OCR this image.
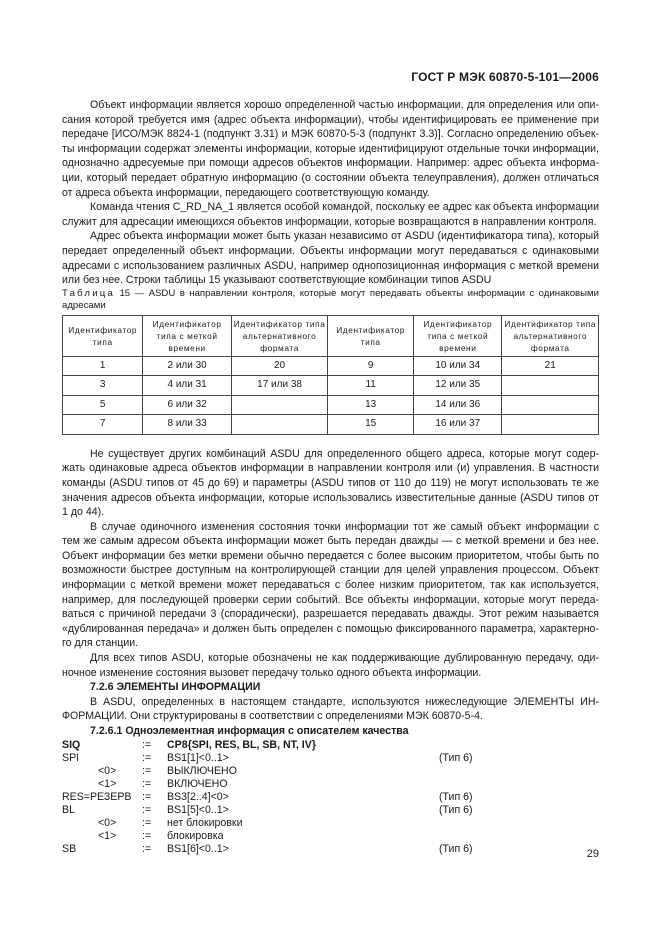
ГОСТ Р МЭК 60870-5-101—2006

Объект информации является хорошо определенной частью информации, для определения или описания которой требуется имя (адрес объекта информации), чтобы идентифицировать ее применение при передаче [ИСО/МЭК 8824-1 (подпункт 3.31) и МЭК 60870-5-3 (подпункт 3.3)]. Согласно определению объекты информации содержат элементы информации, которые идентифицируют отдельные точки информации, однозначно адресуемые при помощи адресов объектов информации. Например: адрес объекта информации, который передает обратную информацию (о состоянии объекта телеуправления), должен отличаться от адреса объекта информации, передающего соответствующую команду.

Команда чтения C_RD_NA_1 является особой командой, поскольку ее адрес как объекта информации служит для адресации имеющихся объектов информации, которые возвращаются в направлении контроля.

Адрес объекта информации может быть указан независимо от ASDU (идентификатора типа), который передает определенный объект информации. Объекты информации могут передаваться с одинаковыми адресами с использованием различных ASDU, например однопозиционная информация с меткой времени или без нее. Строки таблицы 15 указывают соответствующие комбинации типов ASDU

Таблица 15 — ASDU в направлении контроля, которые могут передавать объекты информации с одинаковыми адресами

Идентификатор типа	Идентификатор типа с меткой времени	Идентификатор типа альтернативного формата	Идентификатор типа	Идентификатор типа с меткой времени	Идентификатор типа альтернативного формата
1	2 или 30	20	9	10 или 34	21
3	4 или 31	17 или 38	11	12 или 35	
5	6 или 32		13	14 или 36	
7	8 или 33		15	16 или 37	

Не существует других комбинаций ASDU для определенного общего адреса, которые могут содержать одинаковые адреса объектов информации в направлении контроля или (и) управления. В частности команды (ASDU типов от 45 до 69) и параметры (ASDU типов от 110 до 119) не могут использовать те же значения адресов объекта информации, которые использовались известительные данные (ASDU типов от 1 до 44).

В случае одиночного изменения состояния точки информации тот же самый объект информации с тем же самым адресом объекта информации может быть передан дважды — с меткой времени и без нее. Объект информации без метки времени обычно передается с более высоким приоритетом, чтобы быть по возможности быстрее доступным на контролирующей станции для целей управления процессом. Объект информации с меткой времени может передаваться с более низким приоритетом, так как используется, например, для последующей проверки серии событий. Все объекты информации, которые могут передаваться с причиной передачи 3 (спорадически), разрешается передавать дважды. Этот режим называется «дублированная передача» и должен быть определен с помощью фиксированного параметра, характерного для станции.

Для всех типов ASDU, которые обозначены не как поддерживающие дублированную передачу, одиночное изменение состояния вызовет передачу только одного объекта информации.

7.2.6 ЭЛЕМЕНТЫ ИНФОРМАЦИИ

В ASDU, определенных в настоящем стандарте, используются нижеследующие ЭЛЕМЕНТЫ ИНФОРМАЦИИ. Они структурированы в соответствии с определениями МЭК 60870-5-4.

7.2.6.1 Одноэлементная информация с описателем качества

SIQ	:= CP8{SPI, RES, BL, SB, NT, IV}
SPI	:= BS1[1]<0..1>	(Тип 6)
<0> := ВЫКЛЮЧЕНО
<1> := ВКЛЮЧЕНО
RES=РЕЗЕРВ := BS3[2..4]<0>	(Тип 6)
BL	:= BS1[5]<0..1>	(Тип 6)
<0> := нет блокировки
<1> := блокировка
SB	:= BS1[6]<0..1>	(Тип 6)	29
